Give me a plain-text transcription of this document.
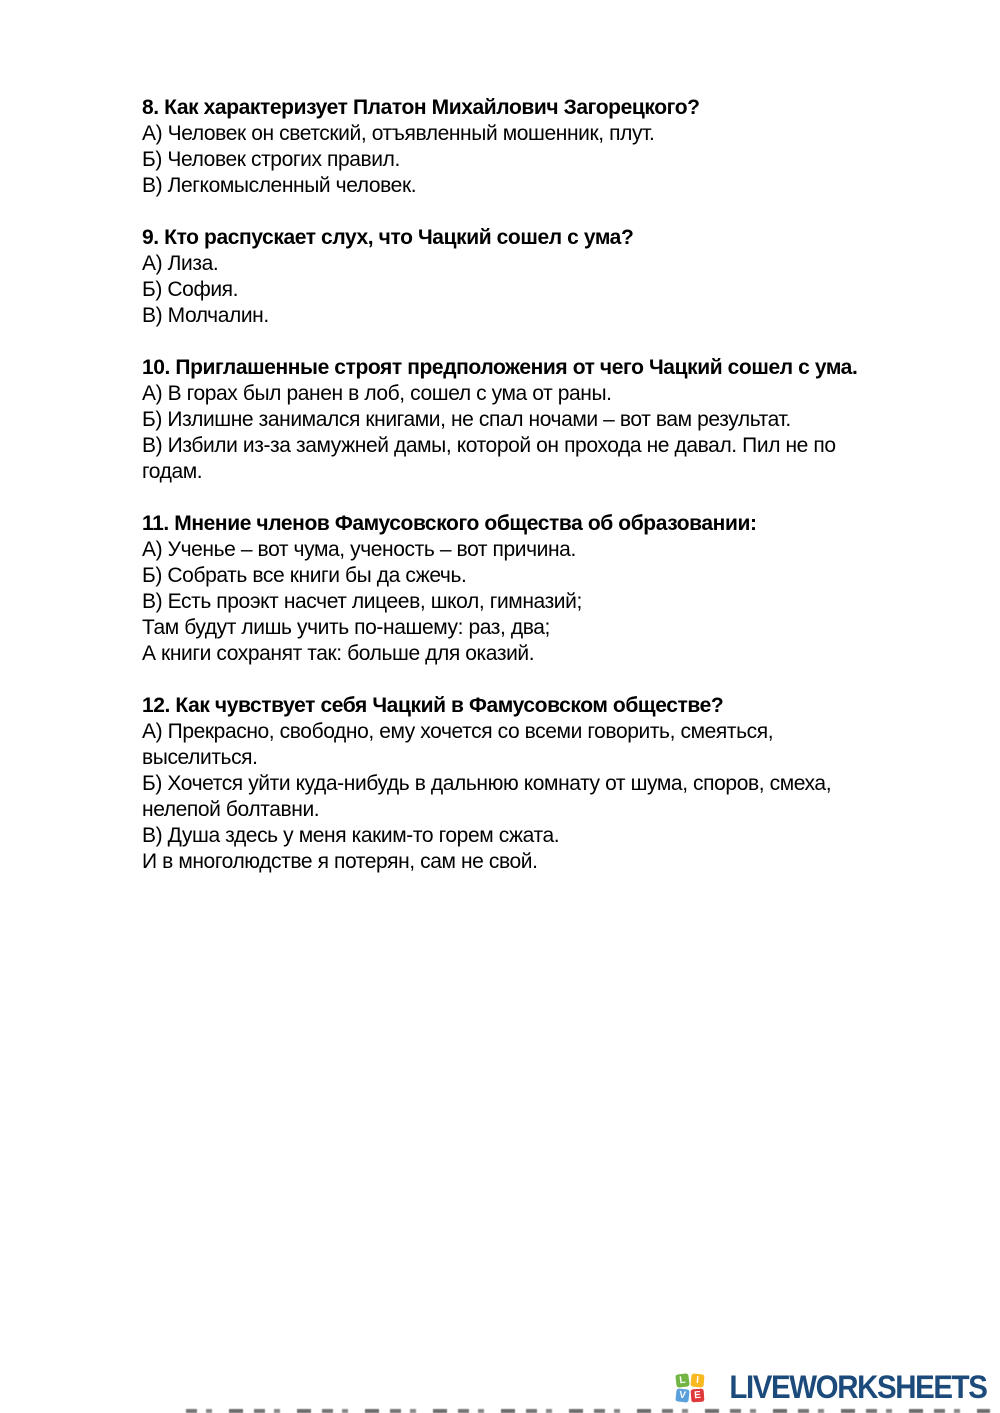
8. Как характеризует Платон Михайлович Загорецкого?
А) Человек он светский, отъявленный мошенник, плут.
Б) Человек строгих правил.
В) Легкомысленный человек.
9. Кто распускает слух, что Чацкий сошел с ума?
А) Лиза.
Б) София.
В) Молчалин.
10. Приглашенные строят предположения от чего Чацкий сошел с ума.
А) В горах был ранен в лоб, сошел с ума от раны.
Б) Излишне занимался книгами, не спал ночами – вот вам результат.
В) Избили из-за замужней дамы, которой он прохода не давал. Пил не по
годам.
11. Мнение членов Фамусовского общества об образовании:
А) Ученье – вот чума, ученость – вот причина.
Б) Собрать все книги бы да сжечь.
В) Есть проэкт насчет лицеев, школ, гимназий;
Там будут лишь учить по-нашему: раз, два;
А книги сохранят так: больше для оказий.
12. Как чувствует себя Чацкий в Фамусовском обществе?
А) Прекрасно, свободно, ему хочется со всеми говорить, смеяться,
выселиться.
Б) Хочется уйти куда-нибудь в дальнюю комнату от шума, споров, смеха,
нелепой болтавни.
В) Душа здесь у меня каким-то горем сжата.
И в многолюдстве я потерян, сам не свой.
L I
V E LIVEWORKSHEETS
